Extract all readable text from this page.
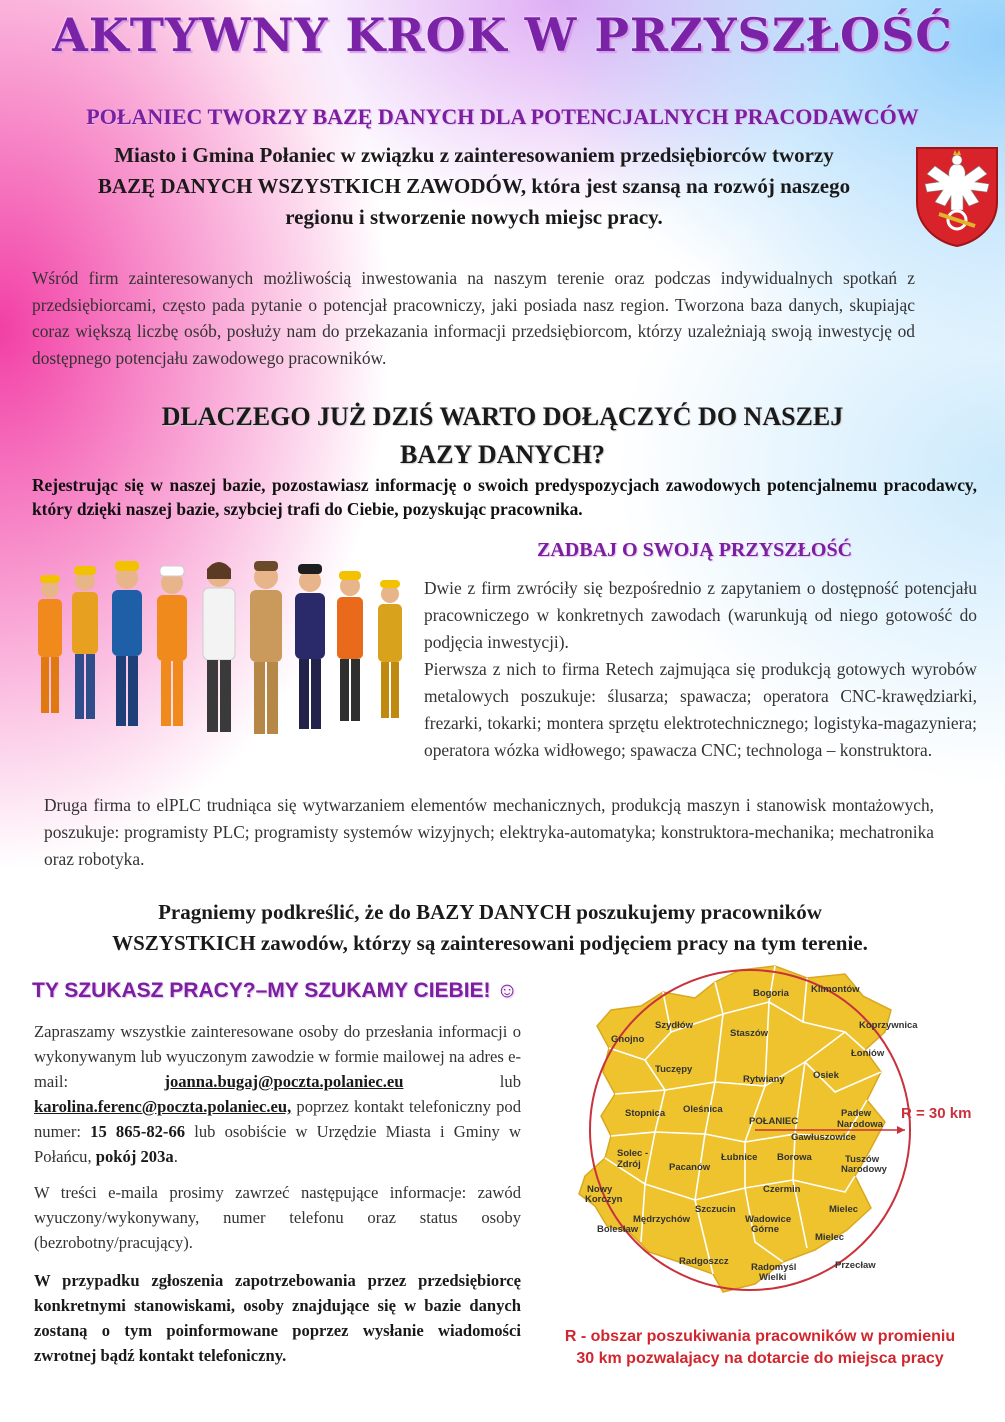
AKTYWNY KROK W PRZYSZŁOŚĆ
POŁANIEC TWORZY BAZĘ DANYCH DLA POTENCJALNYCH PRACODAWCÓW
Miasto i Gmina Połaniec w związku z zainteresowaniem przedsiębiorców tworzy
BAZĘ DANYCH WSZYSTKICH ZAWODÓW, która jest szansą na rozwój naszego
regionu i stworzenie nowych miejsc pracy.
Wśród firm zainteresowanych możliwością inwestowania na naszym terenie oraz podczas indywidualnych spotkań z przedsiębiorcami, często pada pytanie o potencjał pracowniczy, jaki posiada nasz region. Tworzona baza danych, skupiając coraz większą liczbę osób, posłuży nam do przekazania informacji przedsiębiorcom, którzy uzależniają swoją inwestycję od dostępnego potencjału zawodowego pracowników.
DLACZEGO JUŻ DZIŚ WARTO DOŁĄCZYĆ DO NASZEJ
BAZY DANYCH?
Rejestrując się w naszej bazie, pozostawiasz informację o swoich predyspozycjach zawodowych potencjalnemu pracodawcy, który dzięki naszej bazie, szybciej trafi do Ciebie, pozyskując pracownika.
ZADBAJ O SWOJĄ PRZYSZŁOŚĆ

Dwie z firm zwróciły się bezpośrednio z zapytaniem o dostępność potencjału pracowniczego w konkretnych zawodach (warunkują od niego gotowość do podjęcia inwestycji).

Pierwsza z nich to firma Retech zajmująca się produkcją gotowych wyrobów metalowych poszukuje: ślusarza; spawacza; operatora CNC-krawędziarki, frezarki, tokarki; montera sprzętu elektrotechnicznego; logistyka-magazyniera; operatora wózka widłowego; spawacza CNC; technologa – konstruktora.

Druga firma to elPLC trudniąca się wytwarzaniem elementów mechanicznych, produkcją maszyn i stanowisk montażowych, poszukuje: programisty PLC; programisty systemów wizyjnych; elektryka-automatyka; konstruktora-mechanika; mechatronika oraz robotyka.

Pragniemy podkreślić, że do BAZY DANYCH poszukujemy pracowników
WSZYSTKICH zawodów, którzy są zainteresowani podjęciem pracy na tym terenie.
TY SZUKASZ PRACY?–MY SZUKAMY CIEBIE! ☺
Zapraszamy wszystkie zainteresowane osoby do przesłania informacji o wykonywanym lub wyuczonym zawodzie w formie mailowej na adres e-mail: joanna.bugaj@poczta.polaniec.eu lub karolina.ferenc@poczta.polaniec.eu, poprzez kontakt telefoniczny pod numer: 15 865-82-66 lub osobiście w Urzędzie Miasta i Gminy w Połańcu, pokój 203a.
W treści e-maila prosimy zawrzeć następujące informacje: zawód wyuczony/wykonywany, numer telefonu oraz status osoby (bezrobotny/pracujący).
W przypadku zgłoszenia zapotrzebowania przez przedsiębiorcę konkretnymi stanowiskami, osoby znajdujące się w bazie danych zostaną o tym poinformowane poprzez wysłanie wiadomości zwrotnej bądź kontakt telefoniczny.
R = 30 km
Bogoria Klimontów
Szydłów
Staszów
Koprzywnica
Gnojno
Łoniów
Tuczępy
Rytwiany	Osiek
Stopnica Oleśnica
POŁANIEC
Padew
Narodowa
Gawłuszowice
Solec -
Zdrój	Pacanów
Łubnice Borowa	Tuszów
Narodowy
Nowy
Korczyn
Czermin
Szczucin	Mielec
Mędrzychów	Wadowice
Górne
Bolesław
Mielec
Radgoszcz
Radomyśl
Wielki
Przecław
R - obszar poszukiwania pracowników w promieniu
30 km pozwalajacy na dotarcie do miejsca pracy
